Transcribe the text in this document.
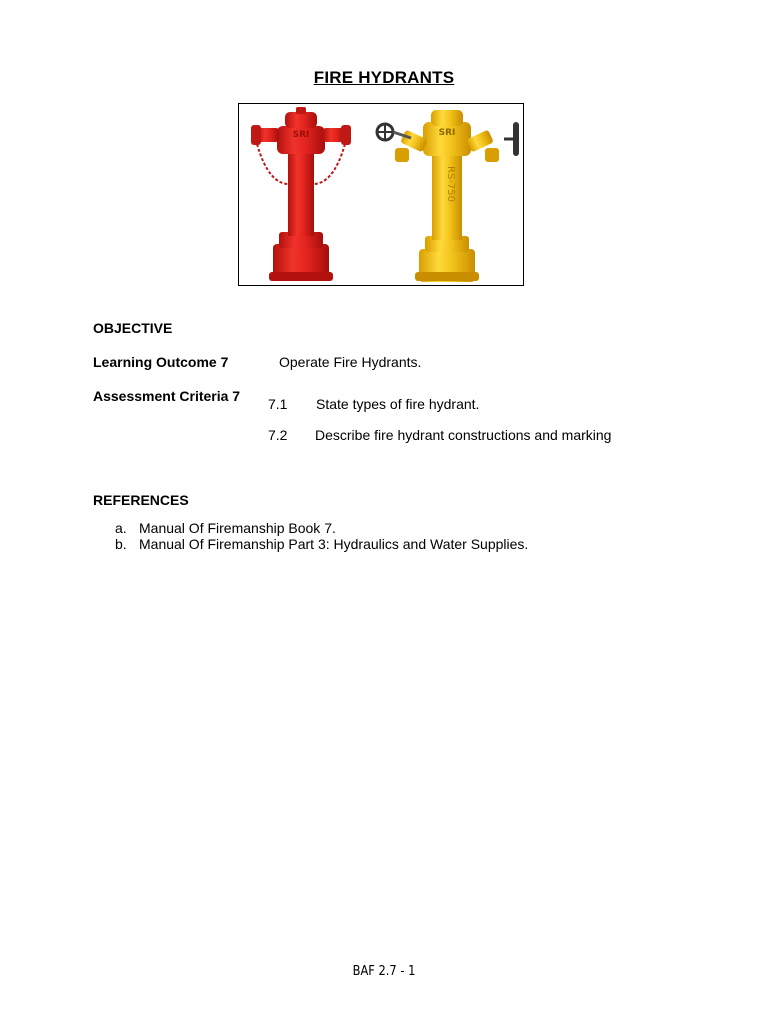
FIRE HYDRANTS
SRI	SRI
RS-750
OBJECTIVE
Learning Outcome 7	Operate Fire Hydrants.
Assessment Criteria 7 7.1 State types of fire hydrant.
7.2 Describe fire hydrant constructions and marking
REFERENCES
a. Manual Of Firemanship Book 7.
b. Manual Of Firemanship Part 3: Hydraulics and Water Supplies.
BAF 2.7 - 1
